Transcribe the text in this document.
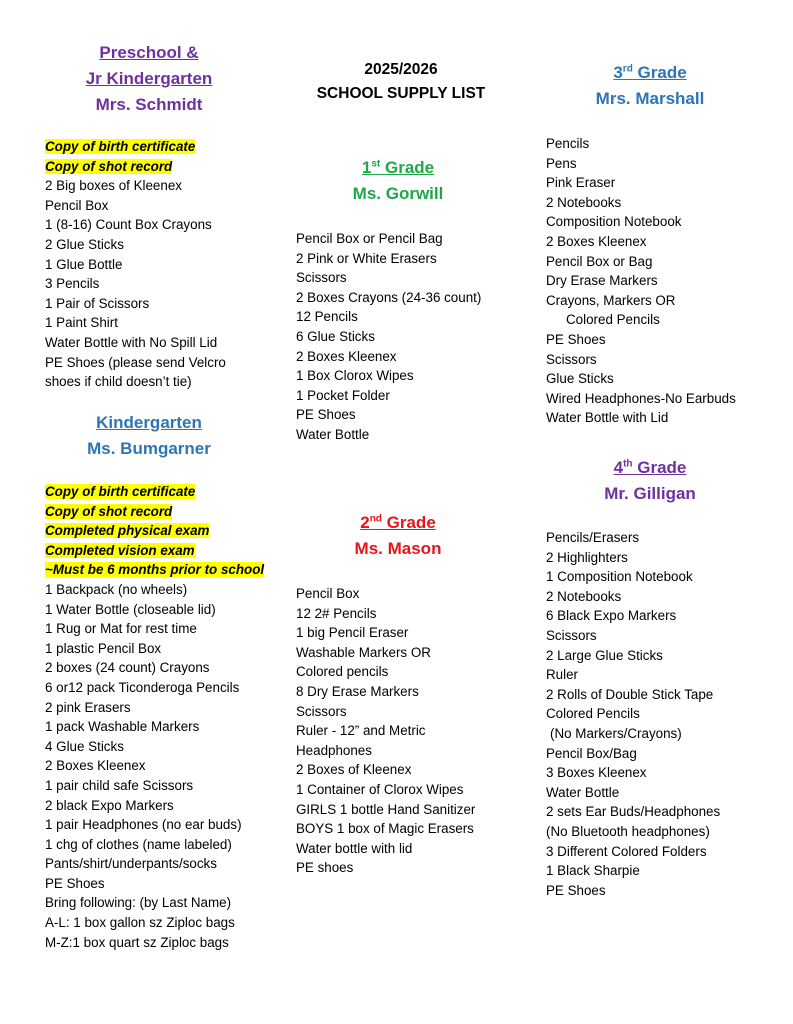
2025/2026
SCHOOL SUPPLY LIST
Preschool &
Jr Kindergarten
Mrs. Schmidt
Copy of birth certificate
Copy of shot record
2 Big boxes of Kleenex
Pencil Box
1 (8-16) Count Box Crayons
2 Glue Sticks
1 Glue Bottle
3 Pencils
1 Pair of Scissors
1 Paint Shirt
Water Bottle with No Spill Lid
PE Shoes (please send Velcro
shoes if child doesn’t tie)
Kindergarten
Ms. Bumgarner
Copy of birth certificate
Copy of shot record
Completed physical exam
Completed vision exam
~Must be 6 months prior to school
1 Backpack (no wheels)
1 Water Bottle (closeable lid)
1 Rug or Mat for rest time
1 plastic Pencil Box
2 boxes (24 count) Crayons
6 or12 pack Ticonderoga Pencils
2 pink Erasers
1 pack Washable Markers
4 Glue Sticks
2 Boxes Kleenex
1 pair child safe Scissors
2 black Expo Markers
1 pair Headphones (no ear buds)
1 chg of clothes (name labeled)
Pants/shirt/underpants/socks
PE Shoes
Bring following: (by Last Name)
A-L: 1 box gallon sz Ziploc bags
M-Z:1 box quart sz Ziploc bags
1st Grade
Ms. Gorwill
Pencil Box or Pencil Bag
2 Pink or White Erasers
Scissors
2 Boxes Crayons (24-36 count)
12 Pencils
6 Glue Sticks
2 Boxes Kleenex
1 Box Clorox Wipes
1 Pocket Folder
PE Shoes
Water Bottle
2nd Grade
Ms. Mason
Pencil Box
12 2# Pencils
1 big Pencil Eraser
Washable Markers OR
Colored pencils
8 Dry Erase Markers
Scissors
Ruler - 12” and Metric
Headphones
2 Boxes of Kleenex
1 Container of Clorox Wipes
GIRLS 1 bottle Hand Sanitizer
BOYS 1 box of Magic Erasers
Water bottle with lid
PE shoes
3rd Grade
Mrs. Marshall
Pencils
Pens
Pink Eraser
2 Notebooks
Composition Notebook
2 Boxes Kleenex
Pencil Box or Bag
Dry Erase Markers
Crayons, Markers OR
Colored Pencils
PE Shoes
Scissors
Glue Sticks
Wired Headphones-No Earbuds
Water Bottle with Lid
4th Grade
Mr. Gilligan
Pencils/Erasers
2 Highlighters
1 Composition Notebook
2 Notebooks
6 Black Expo Markers
Scissors
2 Large Glue Sticks
Ruler
2 Rolls of Double Stick Tape
Colored Pencils
(No Markers/Crayons)
Pencil Box/Bag
3 Boxes Kleenex
Water Bottle
2 sets Ear Buds/Headphones
(No Bluetooth headphones)
3 Different Colored Folders
1 Black Sharpie
PE Shoes
